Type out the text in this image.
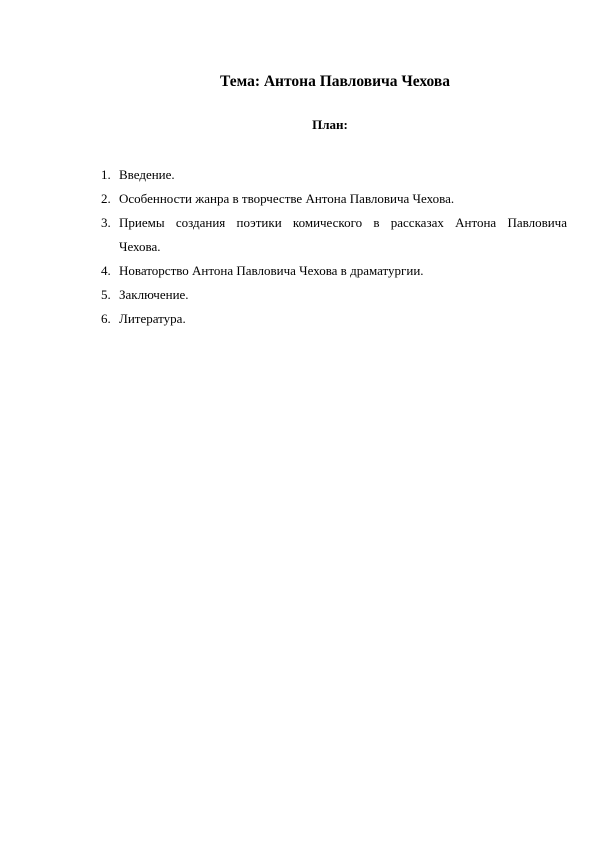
Тема: Антона Павловича Чехова
План:
1. Введение.
2. Особенности жанра в творчестве Антона Павловича Чехова.
3. Приемы создания поэтики комического в рассказах Антона Павловича
Чехова.
4. Новаторство Антона Павловича Чехова в драматургии.
5. Заключение.
6. Литература.
